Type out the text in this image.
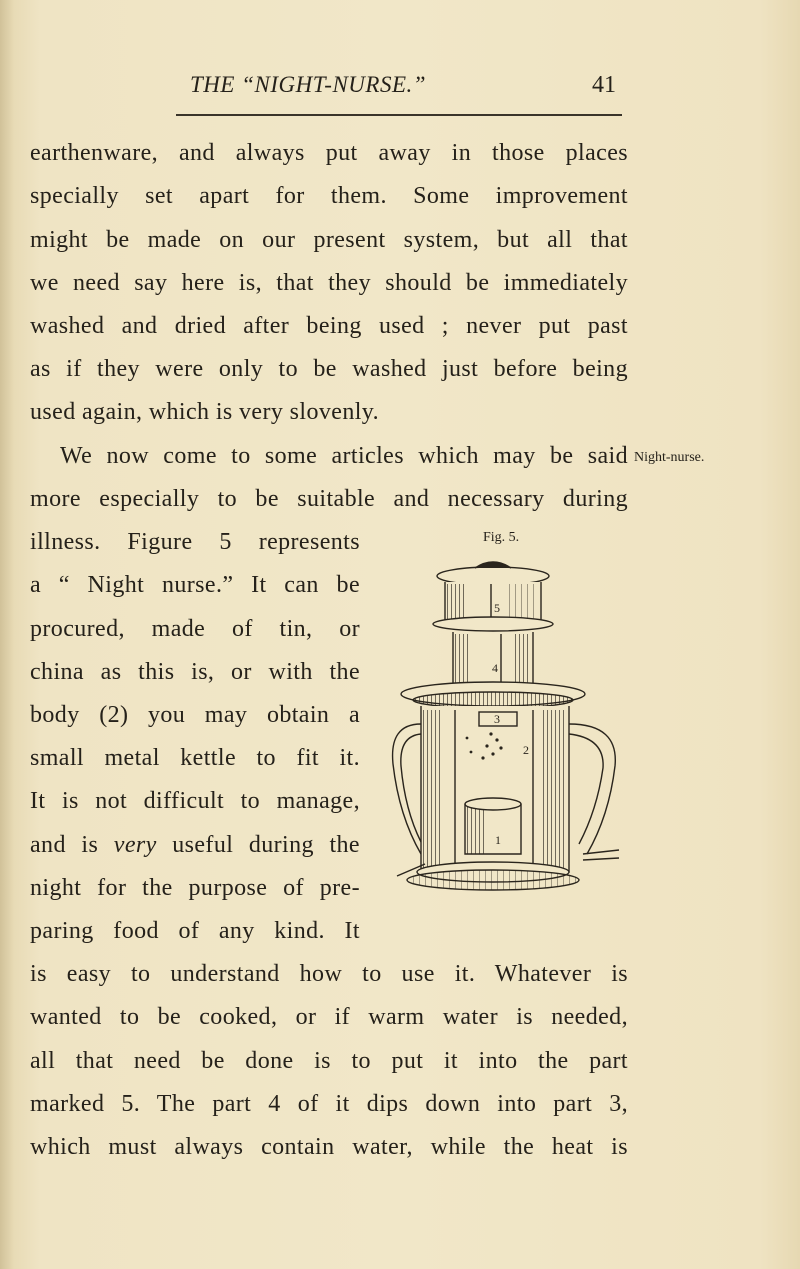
THE “NIGHT-NURSE.”	41
earthenware, and always put away in those places
specially set apart for them. Some improvement
might be made on our present system, but all that
we need say here is, that they should be immediately
washed and dried after being used ; never put past
as if they were only to be washed just before being
used again, which is very slovenly.
We now come to some articles which may be said Night-nurse.
more especially to be suitable and necessary during
illness. Figure 5 represents	Fig. 5.
a “ Night nurse.” It can be
procured, made of tin, or
china as this is, or with the
body (2) you may obtain a
small metal kettle to fit it.
It is not difficult to manage,
and is very useful during the
night for the purpose of pre-
paring food of any kind. It
is easy to understand how to use it. Whatever is
wanted to be cooked, or if warm water is needed,
all that need be done is to put it into the part
marked 5. The part 4 of it dips down into part 3,
which must always contain water, while the heat is
5
4
3
2
1
